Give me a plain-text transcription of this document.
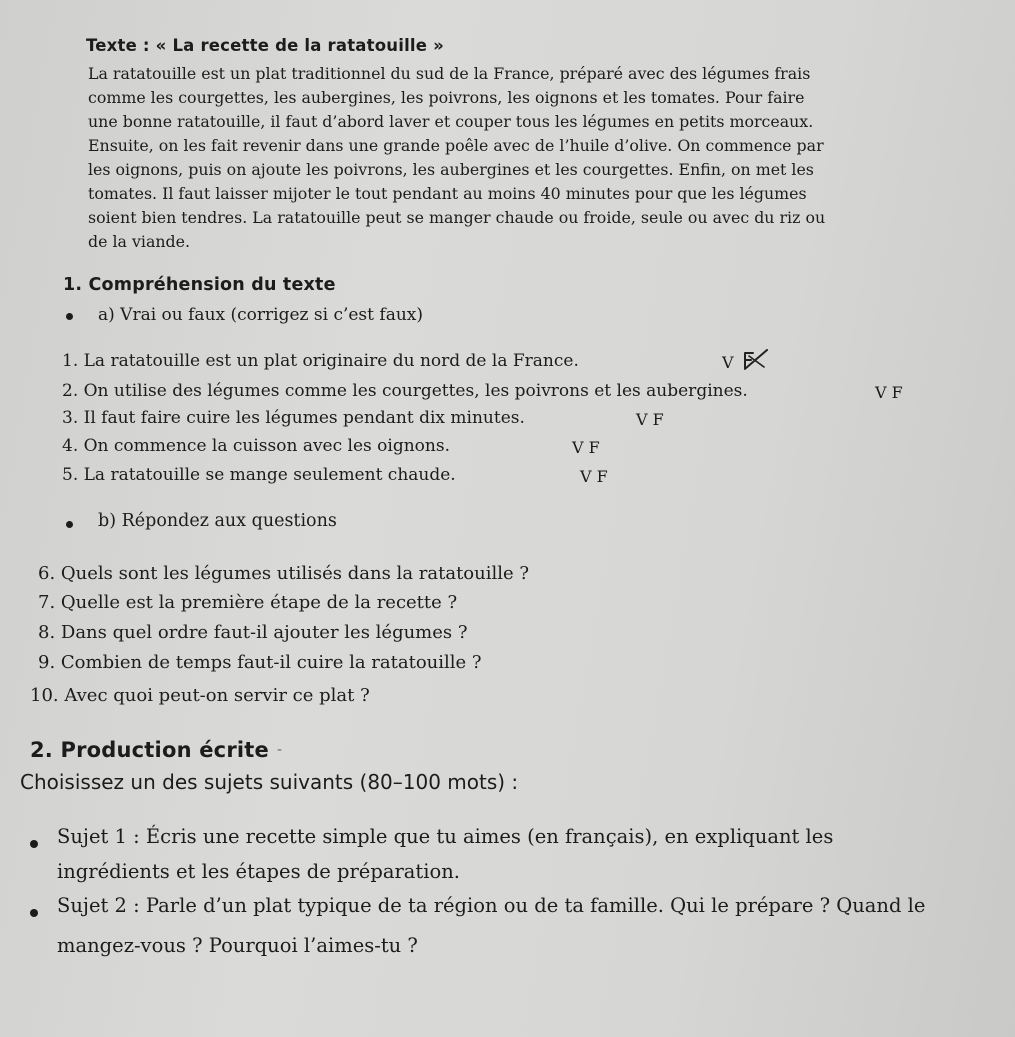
Texte : « La recette de la ratatouille »

La ratatouille est un plat traditionnel du sud de la France, préparé avec des légumes frais

comme les courgettes, les aubergines, les poivrons, les oignons et les tomates. Pour faire

une bonne ratatouille, il faut d’abord laver et couper tous les légumes en petits morceaux.

Ensuite, on les fait revenir dans une grande poêle avec de l’huile d’olive. On commence par

les oignons, puis on ajoute les poivrons, les aubergines et les courgettes. Enfin, on met les

tomates. Il faut laisser mijoter le tout pendant au moins 40 minutes pour que les légumes

soient bien tendres. La ratatouille peut se manger chaude ou froide, seule ou avec du riz ou

de la viande.

1. Compréhension du texte

a) Vrai ou faux (corrigez si c’est faux)

1. La ratatouille est un plat originaire du nord de la France.	V

2. On utilise des légumes comme les courgettes, les poivrons et les aubergines.	V F

3. Il faut faire cuire les légumes pendant dix minutes.	V F

4. On commence la cuisson avec les oignons.	V F

5. La ratatouille se mange seulement chaude.	V F

b) Répondez aux questions

6. Quels sont les légumes utilisés dans la ratatouille ?

7. Quelle est la première étape de la recette ?

8. Dans quel ordre faut-il ajouter les légumes ?

9. Combien de temps faut-il cuire la ratatouille ?

10. Avec quoi peut-on servir ce plat ?

2. Production écrite -

Choisissez un des sujets suivants (80–100 mots) :

Sujet 1 : Écris une recette simple que tu aimes (en français), en expliquant les

ingrédients et les étapes de préparation.

Sujet 2 : Parle d’un plat typique de ta région ou de ta famille. Qui le prépare ? Quand le

mangez-vous ? Pourquoi l’aimes-tu ?
